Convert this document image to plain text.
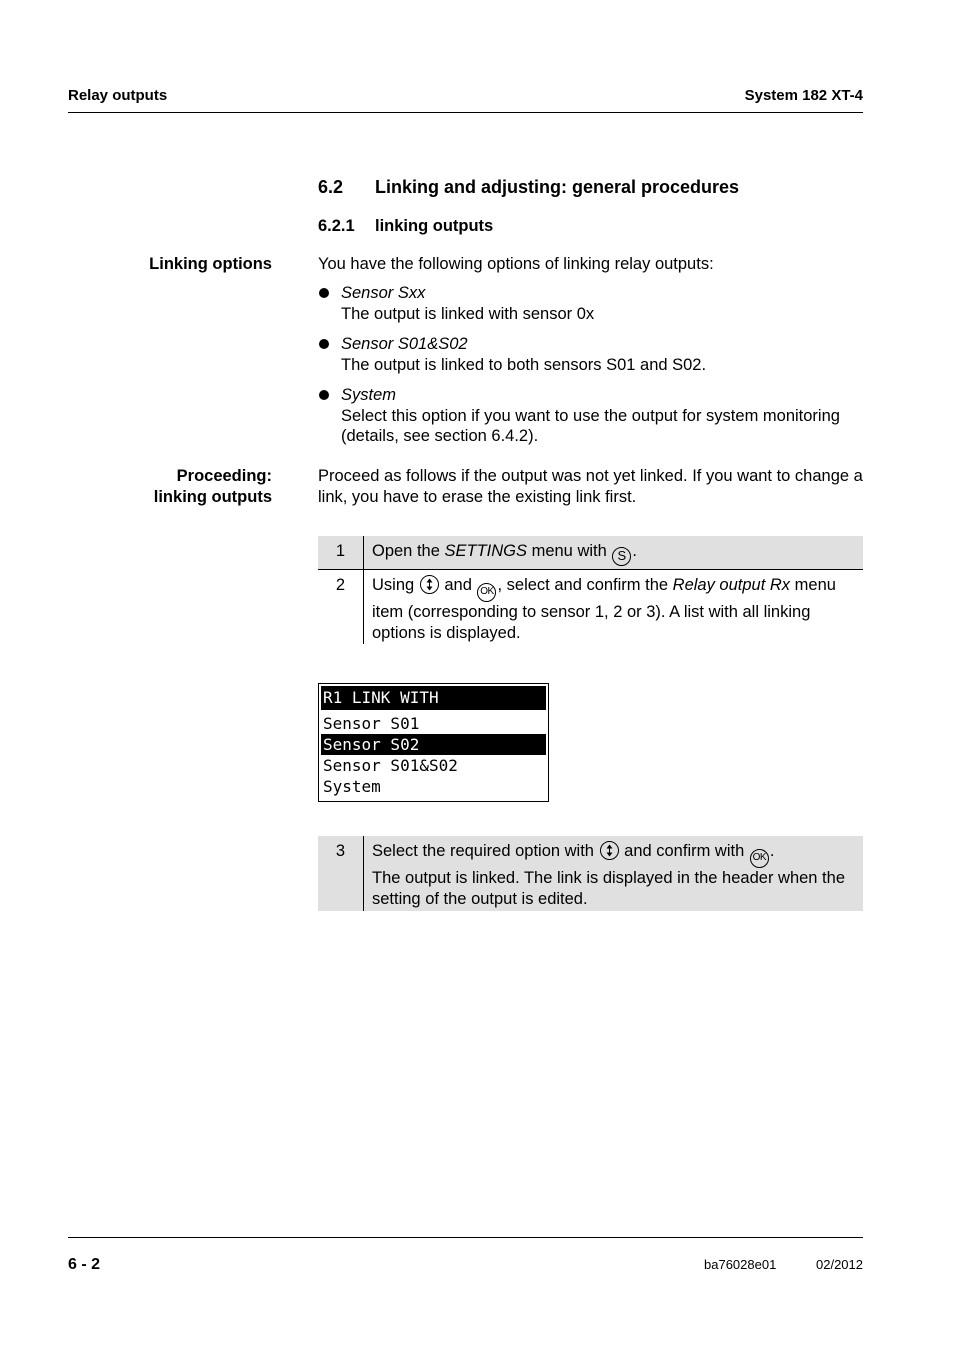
Relay outputs	System 182 XT-4
6.2 Linking and adjusting: general procedures
6.2.1 linking outputs
Linking options	You have the following options of linking relay outputs:
Sensor Sxx
The output is linked with sensor 0x
Sensor S01&S02
The output is linked to both sensors S01 and S02.
System
Select this option if you want to use the output for system monitoring (details, see section 6.4.2).
Proceeding:
linking outputs
Proceed as follows if the output was not yet linked. If you want to change a link, you have to erase the existing link first.
1	Open the SETTINGS menu with S .
2	Using
and OK , select and confirm the Relay output Rx menu item (corresponding to sensor 1, 2 or 3). A list with all linking options is displayed.
R1 LINK WITH
Sensor S01
Sensor S02
Sensor S01&S02
System
3	Select the required option with
and confirm with OK .
The output is linked. The link is displayed in the header when the setting of the output is edited.
6 - 2	ba76028e01	02/2012
